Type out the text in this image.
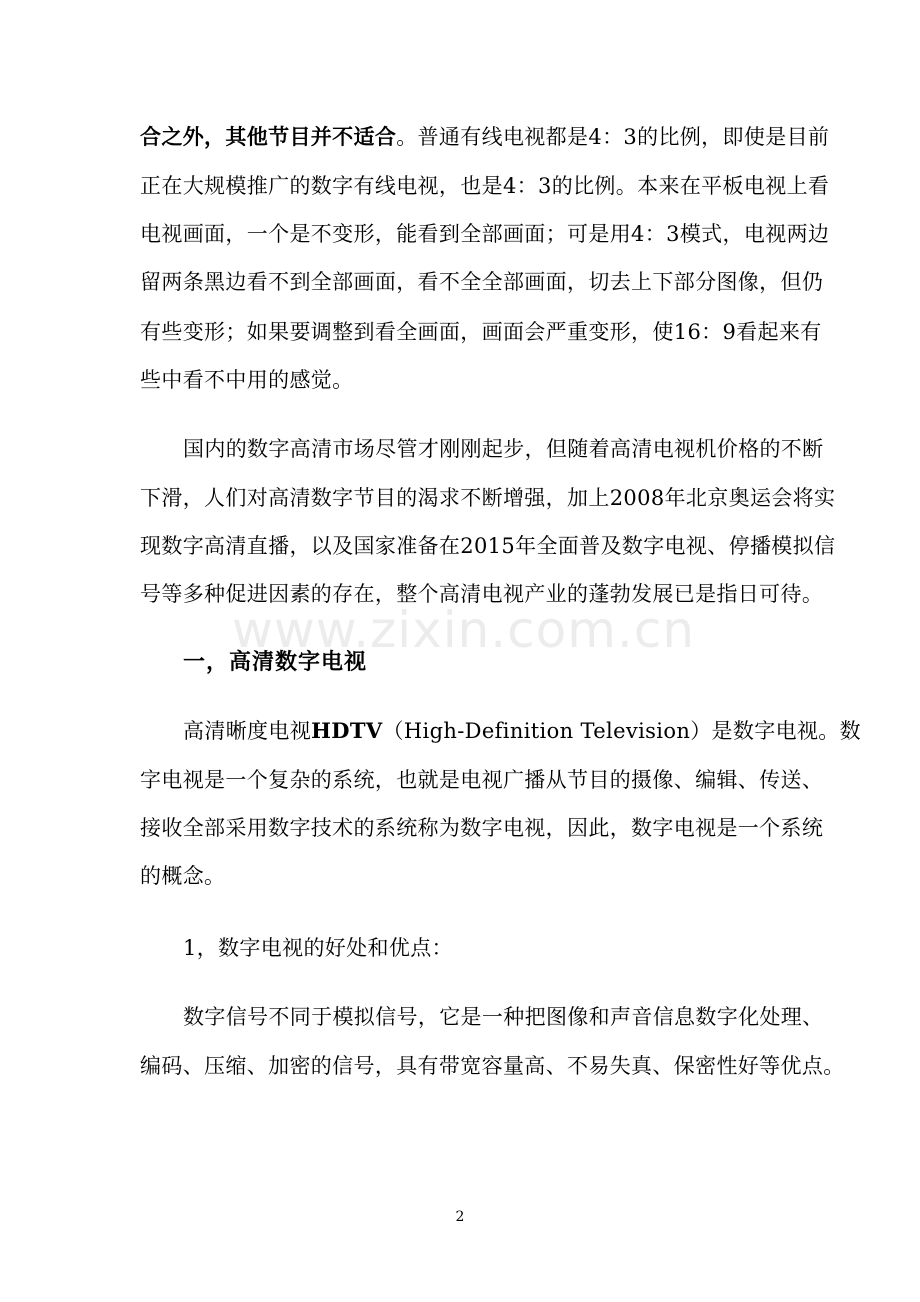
www.zixin.com.cn
合之外，其他节目并不适合。普通有线电视都是4：3的比例，即使是目前
正在大规模推广的数字有线电视，也是4：3的比例。本来在平板电视上看
电视画面，一个是不变形，能看到全部画面；可是用4：3模式，电视两边
留两条黑边看不到全部画面，看不全全部画面，切去上下部分图像，但仍
有些变形；如果要调整到看全画面，画面会严重变形，使16：9看起来有
些中看不中用的感觉。
国内的数字高清市场尽管才刚刚起步，但随着高清电视机价格的不断
下滑，人们对高清数字节目的渴求不断增强，加上2008年北京奥运会将实
现数字高清直播，以及国家准备在2015年全面普及数字电视、停播模拟信
号等多种促进因素的存在，整个高清电视产业的蓬勃发展已是指日可待。
一，高清数字电视
高清晰度电视HDTV（High-Definition Television）是数字电视。数
字电视是一个复杂的系统，也就是电视广播从节目的摄像、编辑、传送、
接收全部采用数字技术的系统称为数字电视，因此，数字电视是一个系统
的概念。
1，数字电视的好处和优点：
数字信号不同于模拟信号，它是一种把图像和声音信息数字化处理、
编码、压缩、加密的信号，具有带宽容量高、不易失真、保密性好等优点。
2
